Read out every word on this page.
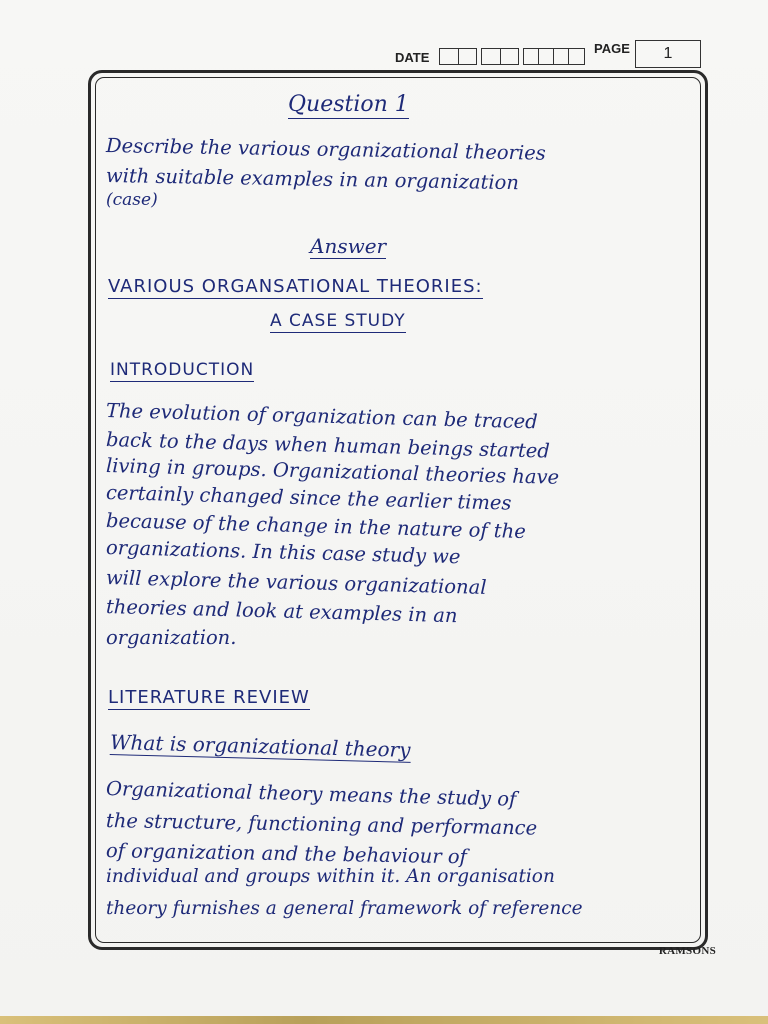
DATE
PAGE	1
Question 1
Describe the various organizational theories
with suitable examples in an organization
(case)
Answer
VARIOUS ORGANSATIONAL THEORIES:
A CASE STUDY
INTRODUCTION
The evolution of organization can be traced
back to the days when human beings started
living in groups. Organizational theories have
certainly changed since the earlier times
because of the change in the nature of the
organizations. In this case study we
will explore the various organizational
theories and look at examples in an
organization.
LITERATURE REVIEW
What is organizational theory
Organizational theory means the study of
the structure, functioning and performance
of organization and the behaviour of
individual and groups within it. An organisation
theory furnishes a general framework of reference
RAMSONS
